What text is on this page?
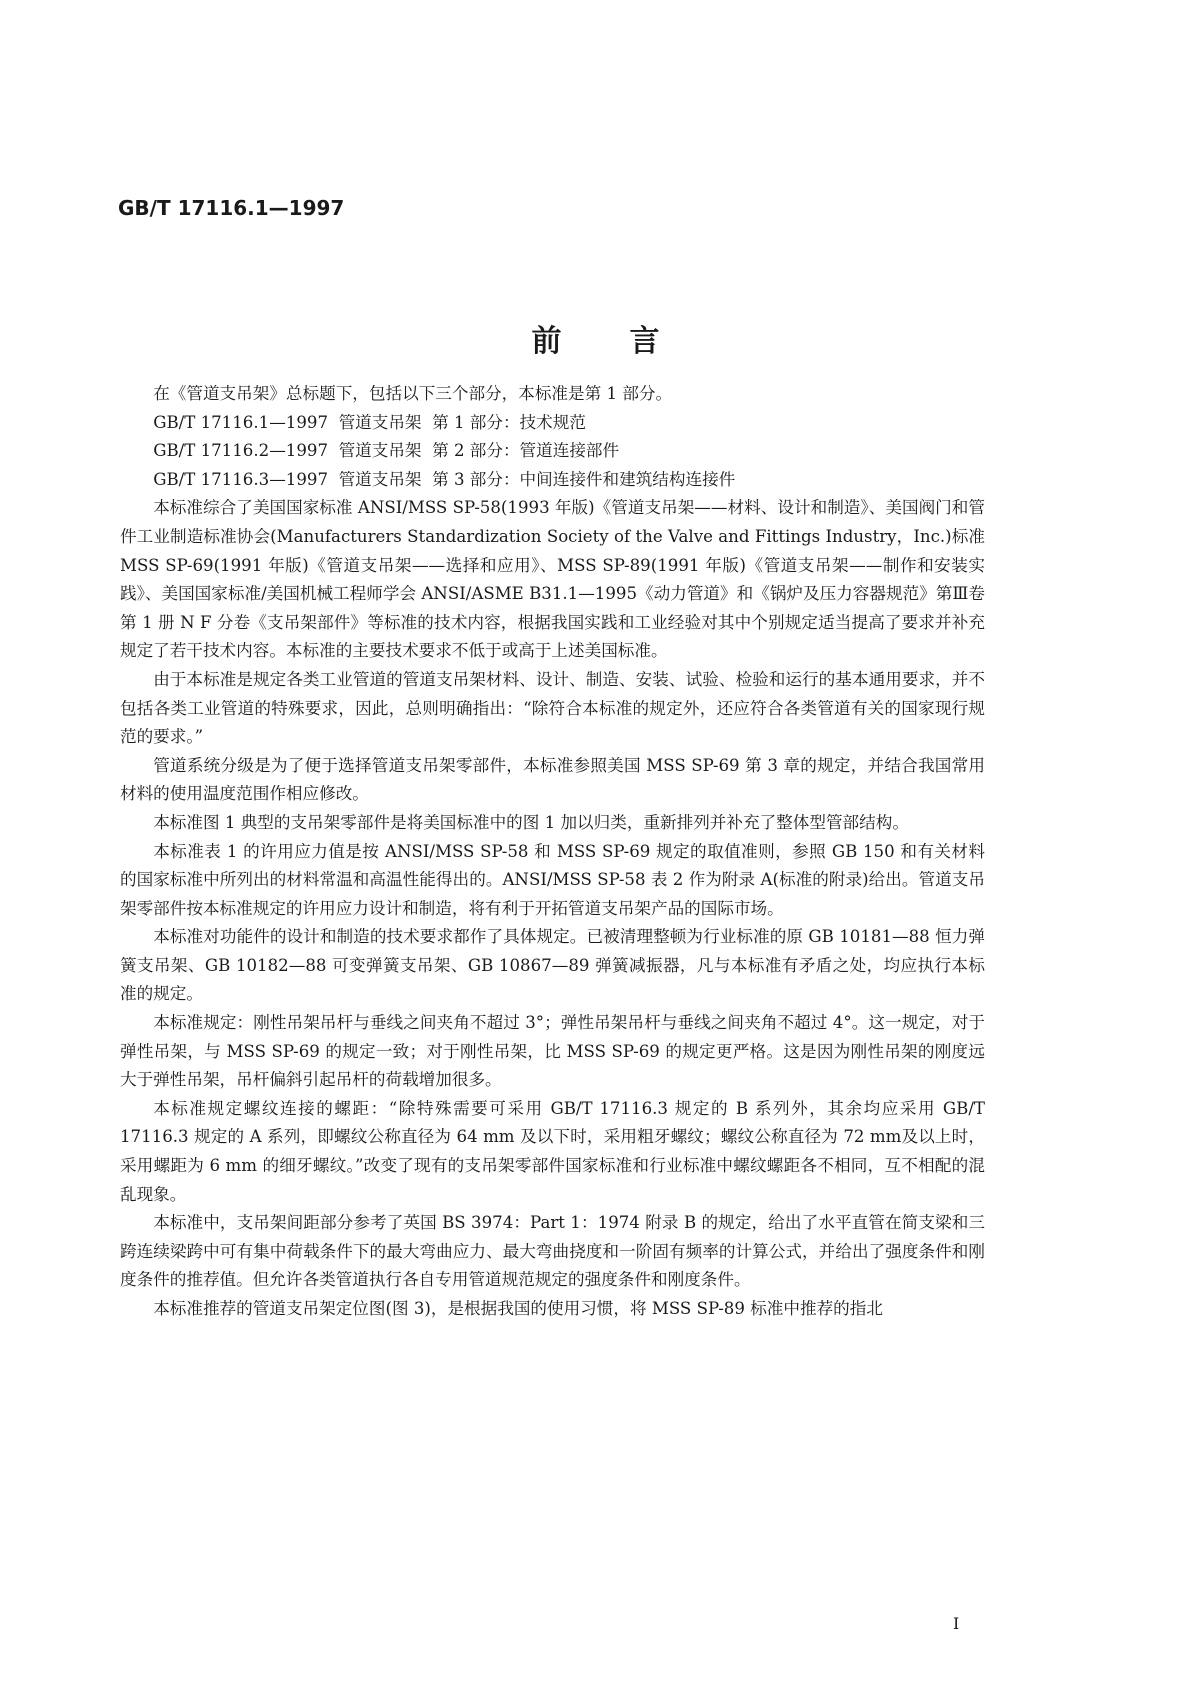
GB/T 17116.1—1997
前言

在《管道支吊架》总标题下，包括以下三个部分，本标准是第 1 部分。

GB/T 17116.1—1997  管道支吊架  第 1 部分：技术规范
GB/T 17116.2—1997  管道支吊架  第 2 部分：管道连接部件
GB/T 17116.3—1997  管道支吊架  第 3 部分：中间连接件和建筑结构连接件

本标准综合了美国国家标准 ANSI/MSS SP-58(1993 年版)《管道支吊架——材料、设计和制造》、美国阀门和管件工业制造标准协会(Manufacturers Standardization Society of the Valve and Fittings Industry，Inc.)标准 MSS SP-69(1991 年版)《管道支吊架——选择和应用》、MSS SP-89(1991 年版)《管道支吊架——制作和安装实践》、美国国家标准/美国机械工程师学会 ANSI/ASME B31.1—1995《动力管道》和《锅炉及压力容器规范》第Ⅲ卷第 1 册 N F 分卷《支吊架部件》等标准的技术内容，根据我国实践和工业经验对其中个别规定适当提高了要求并补充规定了若干技术内容。本标准的主要技术要求不低于或高于上述美国标准。

由于本标准是规定各类工业管道的管道支吊架材料、设计、制造、安装、试验、检验和运行的基本通用要求，并不包括各类工业管道的特殊要求，因此，总则明确指出：“除符合本标准的规定外，还应符合各类管道有关的国家现行规范的要求。”

管道系统分级是为了便于选择管道支吊架零部件，本标准参照美国 MSS SP-69 第 3 章的规定，并结合我国常用材料的使用温度范围作相应修改。

本标准图 1 典型的支吊架零部件是将美国标准中的图 1 加以归类，重新排列并补充了整体型管部结构。

本标准表 1 的许用应力值是按 ANSI/MSS SP-58 和 MSS SP-69 规定的取值准则，参照 GB 150 和有关材料的国家标准中所列出的材料常温和高温性能得出的。ANSI/MSS SP-58 表 2 作为附录 A(标准的附录)给出。管道支吊架零部件按本标准规定的许用应力设计和制造，将有利于开拓管道支吊架产品的国际市场。

本标准对功能件的设计和制造的技术要求都作了具体规定。已被清理整顿为行业标准的原 GB 10181—88 恒力弹簧支吊架、GB 10182—88 可变弹簧支吊架、GB 10867—89 弹簧减振器，凡与本标准有矛盾之处，均应执行本标准的规定。

本标准规定：刚性吊架吊杆与垂线之间夹角不超过 3°；弹性吊架吊杆与垂线之间夹角不超过 4°。这一规定，对于弹性吊架，与 MSS SP-69 的规定一致；对于刚性吊架，比 MSS SP-69 的规定更严格。这是因为刚性吊架的刚度远大于弹性吊架，吊杆偏斜引起吊杆的荷载增加很多。

本标准规定螺纹连接的螺距：“除特殊需要可采用 GB/T 17116.3 规定的 B 系列外，其余均应采用 GB/T 17116.3 规定的 A 系列，即螺纹公称直径为 64 mm 及以下时，采用粗牙螺纹；螺纹公称直径为 72 mm及以上时，采用螺距为 6 mm 的细牙螺纹。”改变了现有的支吊架零部件国家标准和行业标准中螺纹螺距各不相同，互不相配的混乱现象。

本标准中，支吊架间距部分参考了英国 BS 3974：Part 1：1974 附录 B 的规定，给出了水平直管在简支梁和三跨连续梁跨中可有集中荷载条件下的最大弯曲应力、最大弯曲挠度和一阶固有频率的计算公式，并给出了强度条件和刚度条件的推荐值。但允许各类管道执行各自专用管道规范规定的强度条件和刚度条件。

本标准推荐的管道支吊架定位图(图 3)，是根据我国的使用习惯，将 MSS SP-89 标准中推荐的指北

I
